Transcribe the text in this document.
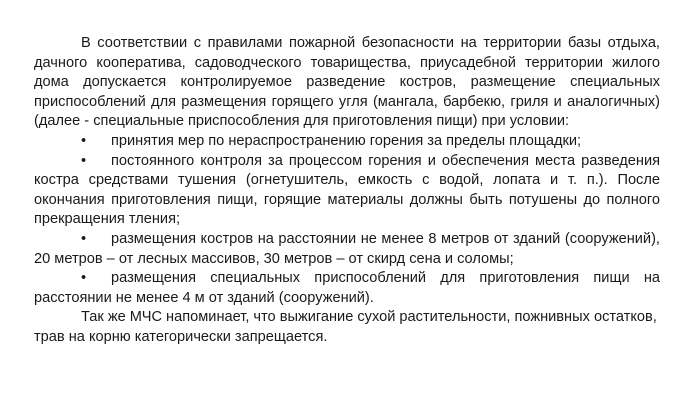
В соответствии с правилами пожарной безопасности на территории базы отдыха, дачного кооператива, садоводческого товарищества, приусадебной территории жилого дома допускается контролируемое разведение костров, размещение специальных приспособлений для размещения горящего угля (мангала, барбекю, гриля и аналогичных) (далее - специальные приспособления для приготовления пищи) при условии:

• принятия мер по нераспространению горения за пределы площадки;
• постоянного контроля за процессом горения и обеспечения места разведения костра средствами тушения (огнетушитель, емкость с водой, лопата и т. п.). После окончания приготовления пищи, горящие материалы должны быть потушены до полного прекращения тления;
• размещения костров на расстоянии не менее 8 метров от зданий (сооружений), 20 метров – от лесных массивов, 30 метров – от скирд сена и соломы;
• размещения специальных приспособлений для приготовления пищи на расстоянии не менее 4 м от зданий (сооружений).

Так же МЧС напоминает, что выжигание сухой растительности, пожнивных остатков, трав на корню категорически запрещается.
